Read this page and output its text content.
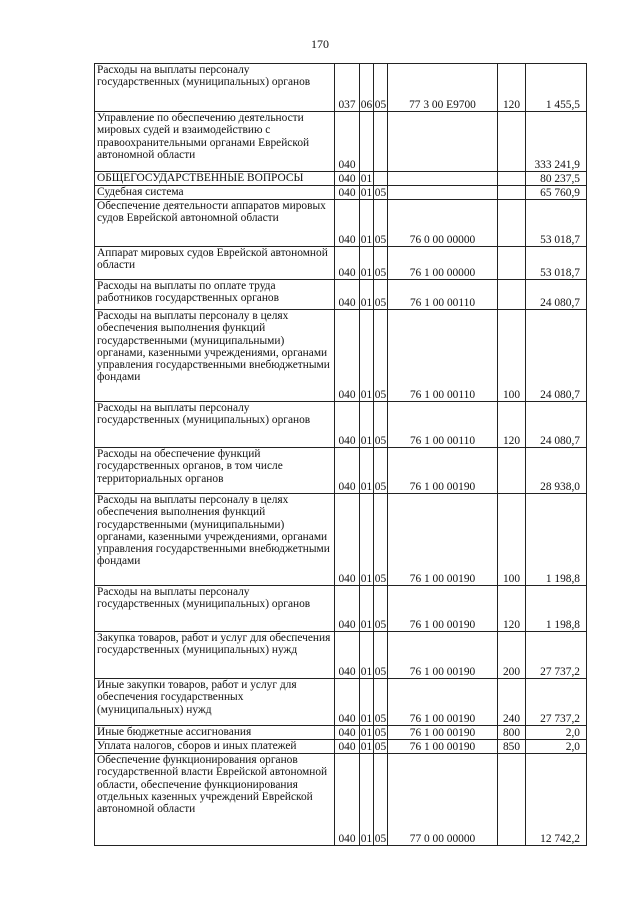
170
Расходы на выплаты персоналу государственных (муниципальных) органов	037	06	05	77 3 00 E9700	120	1 455,5
Управление по обеспечению деятельности мировых судей и взаимодействию с правоохранительными органами Еврейской автономной области	040					333 241,9
ОБЩЕГОСУДАРСТВЕННЫЕ ВОПРОСЫ	040	01				80 237,5
Судебная система	040	01	05			65 760,9
Обеспечение деятельности аппаратов мировых судов Еврейской автономной области	040	01	05	76 0 00 00000		53 018,7
Аппарат мировых судов Еврейской автономной области	040	01	05	76 1 00 00000		53 018,7
Расходы на выплаты по оплате труда работников государственных органов	040	01	05	76 1 00 00110		24 080,7
Расходы на выплаты персоналу в целях обеспечения выполнения функций государственными (муниципальными) органами, казенными учреждениями, органами управления государственными внебюджетными фондами	040	01	05	76 1 00 00110	100	24 080,7
Расходы на выплаты персоналу государственных (муниципальных) органов	040	01	05	76 1 00 00110	120	24 080,7
Расходы на обеспечение функций государственных органов, в том числе территориальных органов	040	01	05	76 1 00 00190		28 938,0
Расходы на выплаты персоналу в целях обеспечения выполнения функций государственными (муниципальными) органами, казенными учреждениями, органами управления государственными внебюджетными фондами	040	01	05	76 1 00 00190	100	1 198,8
Расходы на выплаты персоналу государственных (муниципальных) органов	040	01	05	76 1 00 00190	120	1 198,8
Закупка товаров, работ и услуг для обеспечения государственных (муниципальных) нужд	040	01	05	76 1 00 00190	200	27 737,2
Иные закупки товаров, работ и услуг для обеспечения государственных (муниципальных) нужд	040	01	05	76 1 00 00190	240	27 737,2
Иные бюджетные ассигнования	040	01	05	76 1 00 00190	800	2,0
Уплата налогов, сборов и иных платежей	040	01	05	76 1 00 00190	850	2,0
Обеспечение функционирования органов государственной власти Еврейской автономной области, обеспечение функционирования отдельных казенных учреждений Еврейской автономной области	040	01	05	77 0 00 00000		12 742,2
